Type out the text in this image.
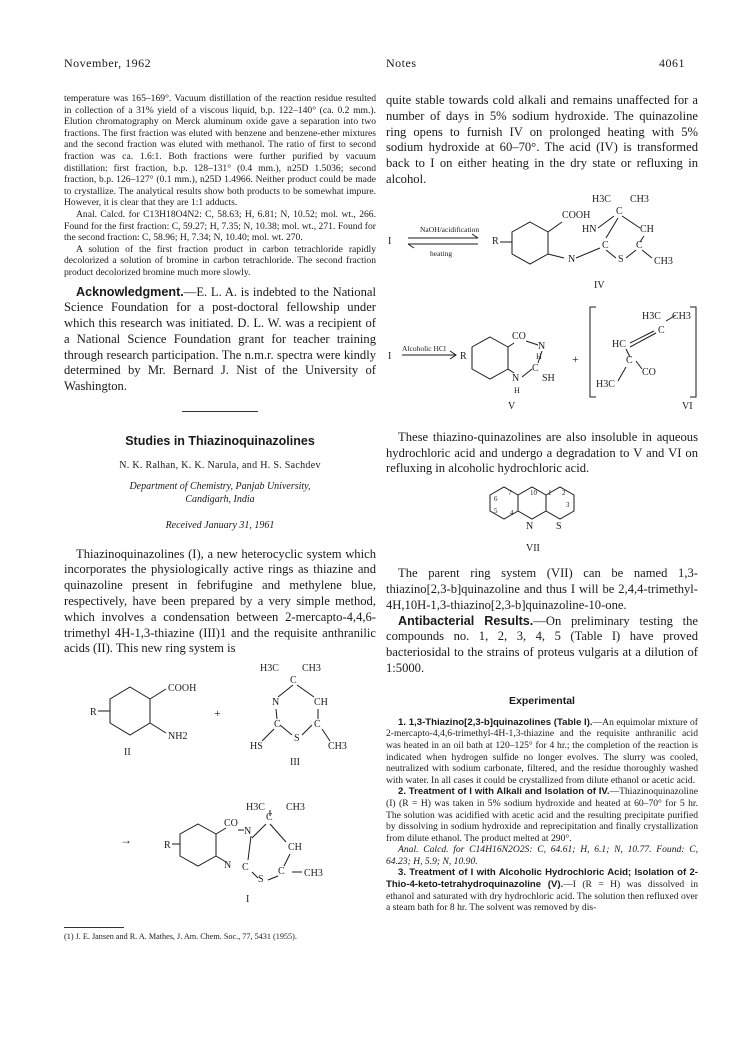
November, 1962	Notes	4061

temperature was 165–169°. Vacuum distillation of the reaction residue resulted in collection of a 31% yield of a viscous liquid, b.p. 122–140° (ca. 0.2 mm.). Elution chromatography on Merck aluminum oxide gave a separation into two fractions. The first fraction was eluted with benzene and benzene-ether mixtures and the second fraction was eluted with methanol. The ratio of first to second fraction was ca. 1.6:1. Both fractions were further purified by vacuum distillation: first fraction, b.p. 128–131° (0.4 mm.), n25D 1.5036; second fraction, b.p. 126–127° (0.1 mm.), n25D 1.4966. Neither product could be made to crystallize. The analytical results show both products to be somewhat impure. However, it is clear that they are 1:1 adducts.

Anal. Calcd. for C13H18O4N2: C, 58.63; H, 6.81; N, 10.52; mol. wt., 266. Found for the first fraction: C, 59.27; H, 7.35; N, 10.38; mol. wt., 271. Found for the second fraction: C, 58.96; H, 7.34; N, 10.40; mol. wt. 270.

A solution of the first fraction product in carbon tetrachloride rapidly decolorized a solution of bromine in carbon tetrachloride. The second fraction product decolorized bromine much more slowly.

Acknowledgment.—E. L. A. is indebted to the National Science Foundation for a post-doctoral fellowship under which this research was initiated. D. L. W. was a recipient of a National Science Foundation grant for teacher training through research participation. The n.m.r. spectra were kindly determined by Mr. Bernard J. Nist of the University of Washington.

Studies in Thiazinoquinazolines
N. K. Ralhan, K. K. Narula, and H. S. Sachdev
Department of Chemistry, Panjab University,
Candigarh, India
Received January 31, 1961

Thiazinoquinazolines (I), a new heterocyclic system which incorporates the physiologically active rings as thiazine and quinazoline present in febrifugine and methylene blue, respectively, have been prepared by a very simple method, which involves a condensation between 2-mercapto-4,4,6-trimethyl 4H-1,3-thiazine (III)1 and the requisite anthranilic acids (II). This new ring system is

COOH
NH2
R
II
+
H3C CH3
C
N	CH
C	C
S
HS	CH3
III

→	R
CO
N
N C
S
H3C CH3
C
CH
C CH3
I

(1) J. E. Jansen and R. A. Mathes, J. Am. Chem. Soc., 77, 5431 (1955).

quite stable towards cold alkali and remains unaffected for a number of days in 5% sodium hydroxide. The quinazoline ring opens to furnish IV on prolonged heating with 5% sodium hydroxide at 60–70°. The acid (IV) is transformed back to I on either heating in the dry state or refluxing in alcohol.

I
NaOH/acidification
heating
R
H3C CH3
COOH	C
HN	CH
C	C
N	S	CH3
IV

I
Alcoholic HCl
R
CO
N
H
N
H
C
SH
V
+
H3C CH3
C
HC
C
CO
H3C
VI

These thiazino-quinazolines are also insoluble in aqueous hydrochloric acid and undergo a degradation to V and VI on refluxing in alcoholic hydrochloric acid.

6
5 4
7	10 1 2
3
N S
VII

The parent ring system (VII) can be named 1,3-thiazino[2,3-b]quinazoline and thus I will be 2,4,4-trimethyl-4H,10H-1,3-thiazino[2,3-b]quinazoline-10-one.

Antibacterial Results.—On preliminary testing the compounds no. 1, 2, 3, 4, 5 (Table I) have proved bacteriosidal to the strains of proteus vulgaris at a dilution of 1:5000.

Experimental

1. 1,3-Thiazino[2,3-b]quinazolines (Table I).—An equimolar mixture of 2-mercapto-4,4,6-trimethyl-4H-1,3-thiazine and the requisite anthranilic acid was heated in an oil bath at 120–125° for 4 hr.; the completion of the reaction is indicated when hydrogen sulfide no longer evolves. The slurry was cooled, neutralized with sodium carbonate, filtered, and the residue thoroughly washed with water. In all cases it could be crystallized from dilute ethanol or acetic acid.

2. Treatment of I with Alkali and Isolation of IV.—Thiazinoquinazoline (I) (R = H) was taken in 5% sodium hydroxide and heated at 60–70° for 5 hr. The solution was acidified with acetic acid and the resulting precipitate purified by dissolving in sodium hydroxide and reprecipitation and finally crystallization from dilute ethanol. The product melted at 290°.

Anal. Calcd. for C14H16N2O2S: C, 64.61; H, 6.1; N, 10.77. Found: C, 64.23; H, 5.9; N, 10.90.

3. Treatment of I with Alcoholic Hydrochloric Acid; Isolation of 2-Thio-4-keto-tetrahydroquinazoline (V).—I (R = H) was dissolved in ethanol and saturated with dry hydrochloric acid. The solution then refluxed over a steam bath for 8 hr. The solvent was removed by dis-
